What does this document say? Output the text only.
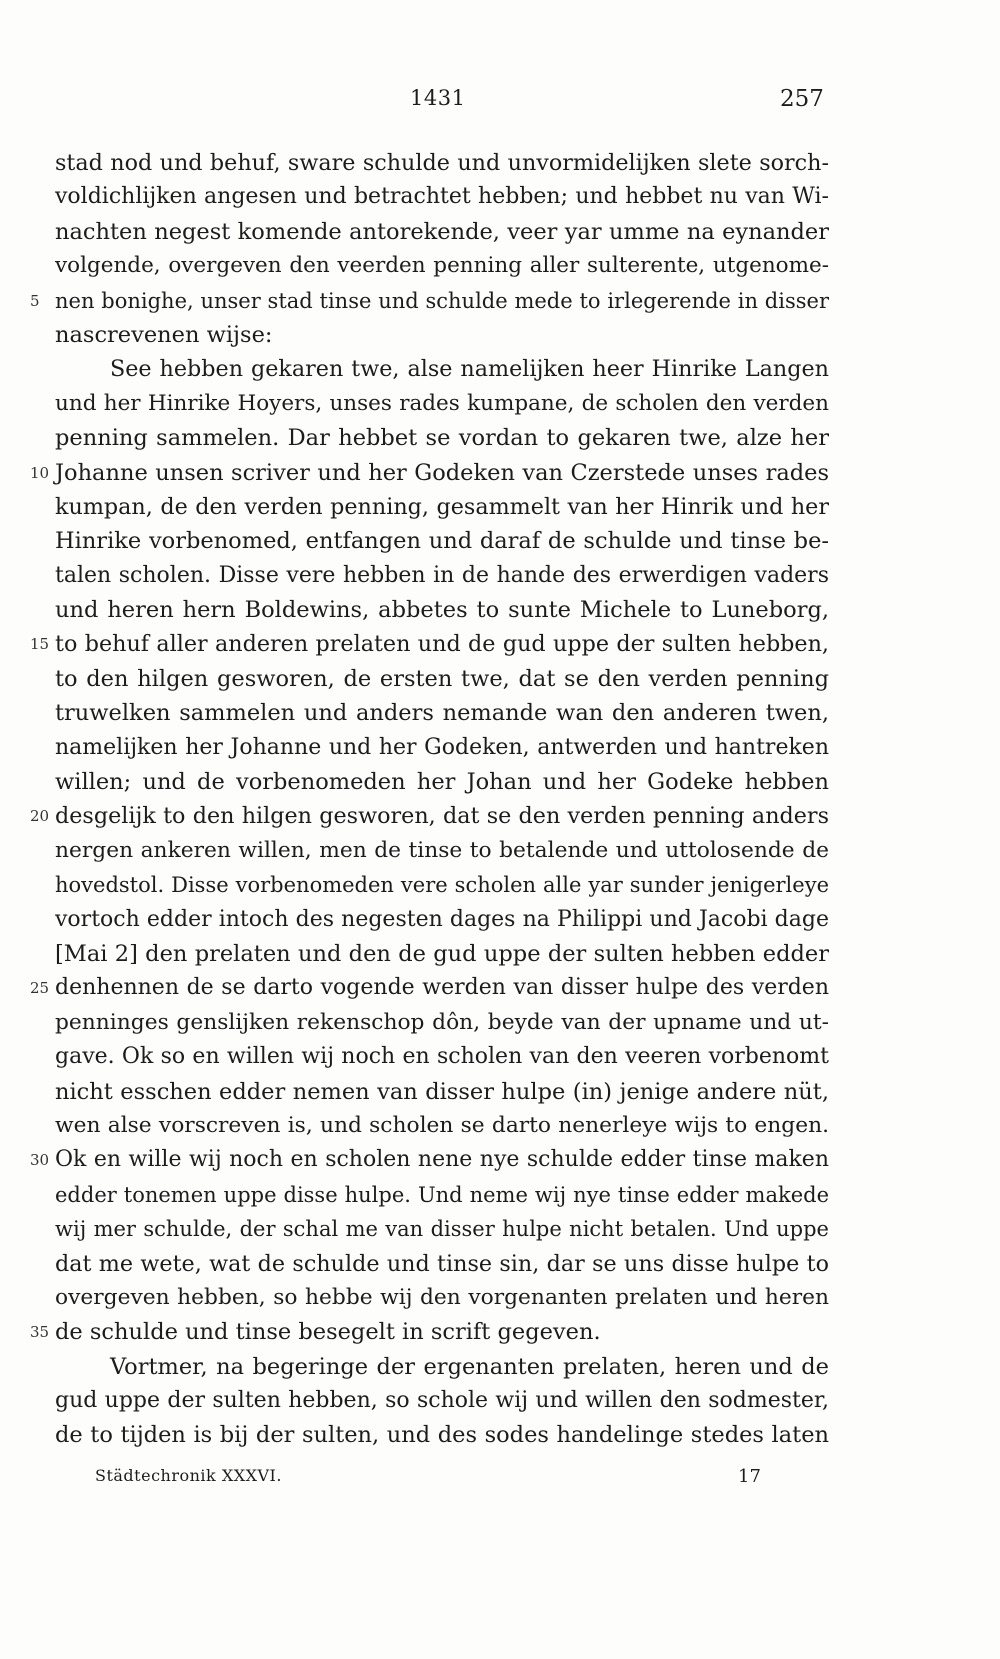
1431	257
stad nod und behuf, sware schulde und unvormidelijken slete sorch-
voldichlijken angesen und betrachtet hebben; und hebbet nu van Wi-
nachten negest komende antorekende, veer yar umme na eynander
volgende, overgeven den veerden penning aller sulterente, utgenome-
5 nen bonighe, unser stad tinse und schulde mede to irlegerende in disser
nascrevenen wijse:
See hebben gekaren twe, alse namelijken heer Hinrike Langen
und her Hinrike Hoyers, unses rades kumpane, de scholen den verden
penning sammelen. Dar hebbet se vordan to gekaren twe, alze her
10 Johanne unsen scriver und her Godeken van Czerstede unses rades
kumpan, de den verden penning, gesammelt van her Hinrik und her
Hinrike vorbenomed, entfangen und daraf de schulde und tinse be-
talen scholen. Disse vere hebben in de hande des erwerdigen vaders
und heren hern Boldewins, abbetes to sunte Michele to Luneborg,
15 to behuf aller anderen prelaten und de gud uppe der sulten hebben,
to den hilgen gesworen, de ersten twe, dat se den verden penning
truwelken sammelen und anders nemande wan den anderen twen,
namelijken her Johanne und her Godeken, antwerden und hantreken
willen; und de vorbenomeden her Johan und her Godeke hebben
20 desgelijk to den hilgen gesworen, dat se den verden penning anders
nergen ankeren willen, men de tinse to betalende und uttolosende de
hovedstol. Disse vorbenomeden vere scholen alle yar sunder jenigerleye
vortoch edder intoch des negesten dages na Philippi und Jacobi dage
[Mai 2] den prelaten und den de gud uppe der sulten hebben edder
25 denhennen de se darto vogende werden van disser hulpe des verden
penninges genslijken rekenschop dôn, beyde van der upname und ut-
gave. Ok so en willen wij noch en scholen van den veeren vorbenomt
nicht esschen edder nemen van disser hulpe (in) jenige andere nüt,
wen alse vorscreven is, und scholen se darto nenerleye wijs to engen.
30 Ok en wille wij noch en scholen nene nye schulde edder tinse maken
edder tonemen uppe disse hulpe. Und neme wij nye tinse edder makede
wij mer schulde, der schal me van disser hulpe nicht betalen. Und uppe
dat me wete, wat de schulde und tinse sin, dar se uns disse hulpe to
overgeven hebben, so hebbe wij den vorgenanten prelaten und heren
35 de schulde und tinse besegelt in scrift gegeven.
Vortmer, na begeringe der ergenanten prelaten, heren und de
gud uppe der sulten hebben, so schole wij und willen den sodmester,
de to tijden is bij der sulten, und des sodes handelinge stedes laten
Städtechronik XXXVI.	17
